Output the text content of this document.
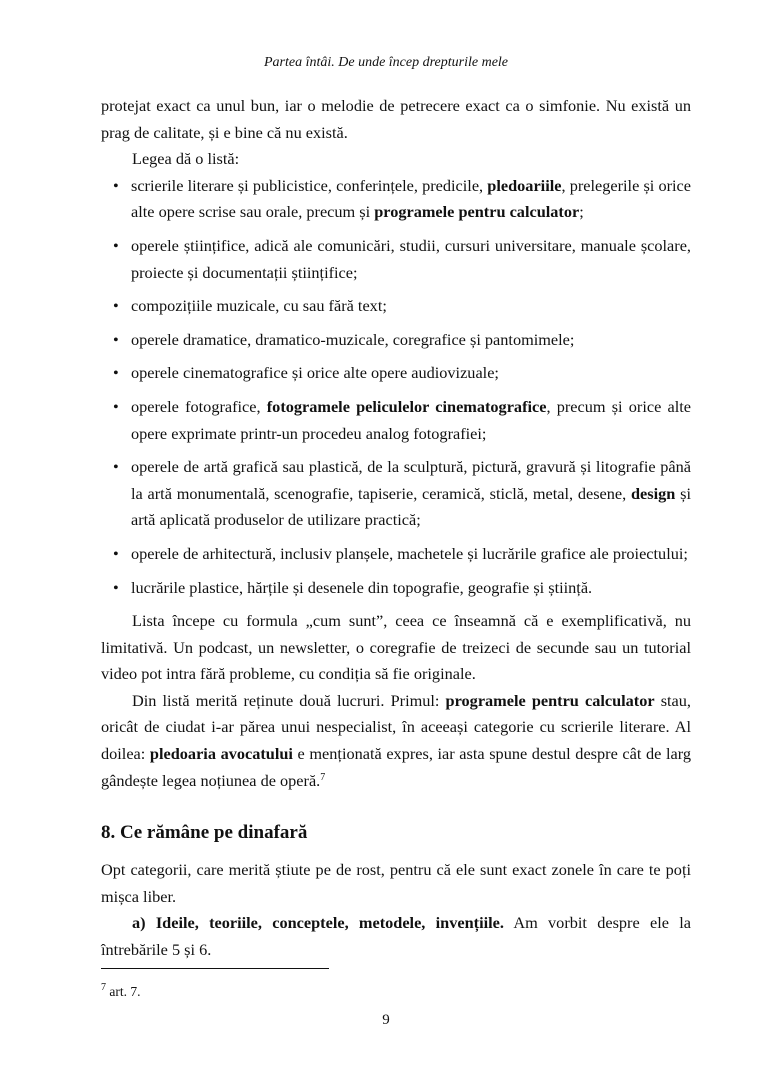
Partea întâi. De unde încep drepturile mele

protejat exact ca unul bun, iar o melodie de petrecere exact ca o simfonie. Nu există un prag de calitate, și e bine că nu există.

Legea dă o listă:

• scrierile literare și publicistice, conferințele, predicile, pledoariile, prelegerile și orice alte opere scrise sau orale, precum și programele pentru calculator;
• operele științifice, adică ale comunicări, studii, cursuri universitare, manuale școlare, proiecte și documentații științifice;
• compozițiile muzicale, cu sau fără text;
• operele dramatice, dramatico-muzicale, coregrafice și pantomimele;
• operele cinematografice și orice alte opere audiovizuale;
• operele fotografice, fotogramele peliculelor cinematografice, precum și orice alte opere exprimate printr-un procedeu analog fotografiei;
• operele de artă grafică sau plastică, de la sculptură, pictură, gravură și litografie până la artă monumentală, scenografie, tapiserie, ceramică, sticlă, metal, desene, design și artă aplicată produselor de utilizare practică;
• operele de arhitectură, inclusiv planșele, machetele și lucrările grafice ale proiectului;
• lucrările plastice, hărțile și desenele din topografie, geografie și știință.

Lista începe cu formula „cum sunt”, ceea ce înseamnă că e exemplificativă, nu limitativă. Un podcast, un newsletter, o coregrafie de treizeci de secunde sau un tutorial video pot intra fără probleme, cu condiția să fie originale.

Din listă merită reținute două lucruri. Primul: programele pentru calculator stau, oricât de ciudat i-ar părea unui nespecialist, în aceeași categorie cu scrierile literare. Al doilea: pledoaria avocatului e menționată expres, iar asta spune destul despre cât de larg gândește legea noțiunea de operă.$^7$

8. Ce rămâne pe dinafară

Opt categorii, care merită știute pe de rost, pentru că ele sunt exact zonele în care te poți mișca liber.

a) Ideile, teoriile, conceptele, metodele, invențiile. Am vorbit despre ele la întrebările 5 și 6.

$^7$ art. 7.
9
